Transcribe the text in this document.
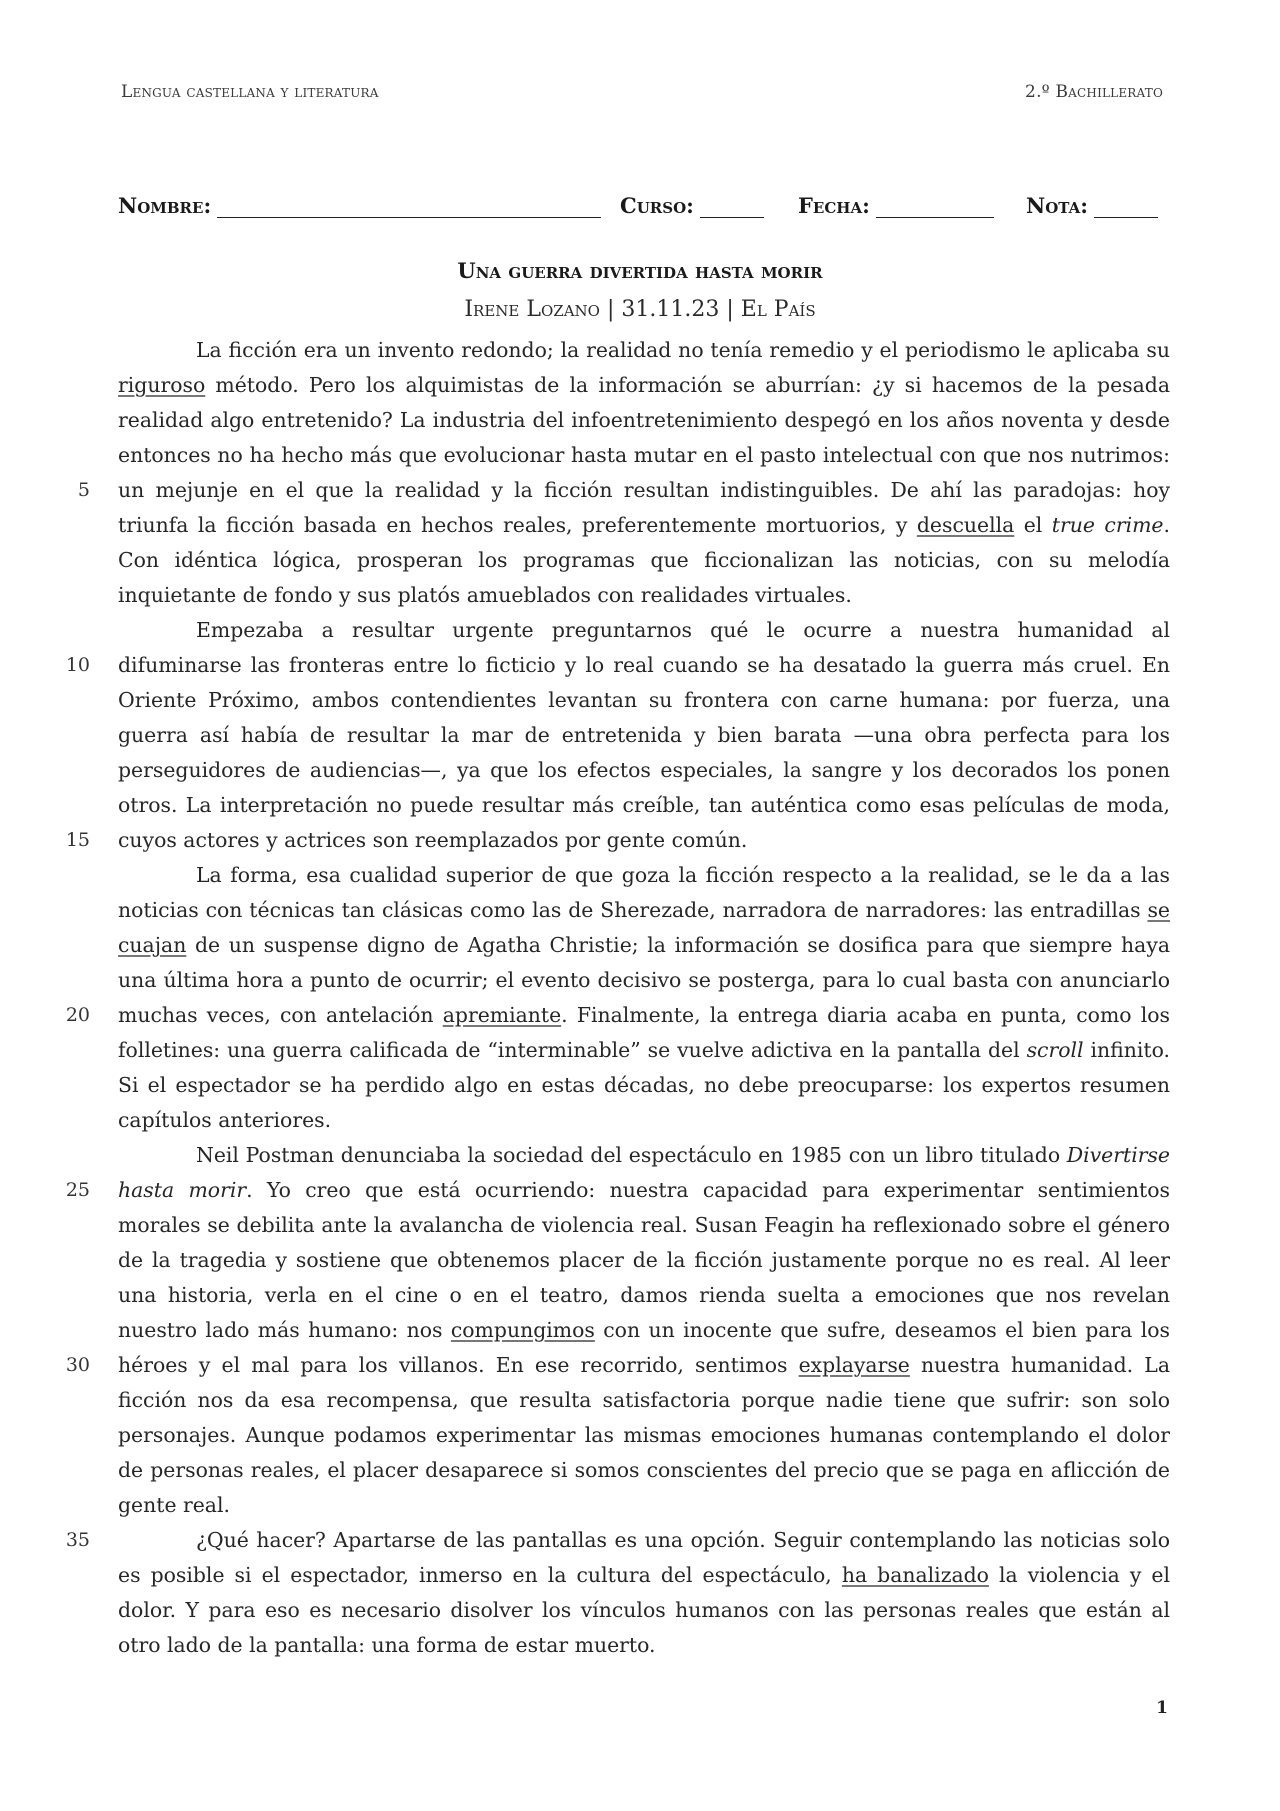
Lengua castellana y literatura	2.º Bachillerato
Nombre:	Curso:	Fecha:	Nota:
Una guerra divertida hasta morir
Irene Lozano | 31.11.23 | El País

La ficción era un invento redondo; la realidad no tenía remedio y el periodismo le aplicaba su riguroso método. Pero los alquimistas de la información se aburrían: ¿y si hacemos de la pesada realidad algo entretenido? La industria del infoentretenimiento despegó en los años noventa y desde entonces no ha hecho más que evolucionar hasta mutar en el pasto intelectual con que nos nutrimos: un mejunje en el que la realidad y la ficción resultan indistinguibles. De ahí las paradojas: hoy triunfa la ficción basada en hechos reales, preferentemente mortuorios, y descuella el true crime. Con idéntica lógica, prosperan los programas que ficcionalizan las noticias, con su melodía inquietante de fondo y sus platós amueblados con realidades virtuales.

Empezaba a resultar urgente preguntarnos qué le ocurre a nuestra humanidad al difuminarse las fronteras entre lo ficticio y lo real cuando se ha desatado la guerra más cruel. En Oriente Próximo, ambos contendientes levantan su frontera con carne humana: por fuerza, una guerra así había de resultar la mar de entretenida y bien barata —una obra perfecta para los perseguidores de audiencias—, ya que los efectos especiales, la sangre y los decorados los ponen otros. La interpretación no puede resultar más creíble, tan auténtica como esas películas de moda, cuyos actores y actrices son reemplazados por gente común.

La forma, esa cualidad superior de que goza la ficción respecto a la realidad, se le da a las noticias con técnicas tan clásicas como las de Sherezade, narradora de narradores: las entradillas se cuajan de un suspense digno de Agatha Christie; la información se dosifica para que siempre haya una última hora a punto de ocurrir; el evento decisivo se posterga, para lo cual basta con anunciarlo muchas veces, con antelación apremiante. Finalmente, la entrega diaria acaba en punta, como los folletines: una guerra calificada de “interminable” se vuelve adictiva en la pantalla del scroll infinito. Si el espectador se ha perdido algo en estas décadas, no debe preocuparse: los expertos resumen capítulos anteriores.

Neil Postman denunciaba la sociedad del espectáculo en 1985 con un libro titulado Divertirse hasta morir. Yo creo que está ocurriendo: nuestra capacidad para experimentar sentimientos morales se debilita ante la avalancha de violencia real. Susan Feagin ha reflexionado sobre el género de la tragedia y sostiene que obtenemos placer de la ficción justamente porque no es real. Al leer una historia, verla en el cine o en el teatro, damos rienda suelta a emociones que nos revelan nuestro lado más humano: nos compungimos con un inocente que sufre, deseamos el bien para los héroes y el mal para los villanos. En ese recorrido, sentimos explayarse nuestra humanidad. La ficción nos da esa recompensa, que resulta satisfactoria porque nadie tiene que sufrir: son solo personajes. Aunque podamos experimentar las mismas emociones humanas contemplando el dolor de personas reales, el placer desaparece si somos conscientes del precio que se paga en aflicción de gente real.

¿Qué hacer? Apartarse de las pantallas es una opción. Seguir contemplando las noticias solo es posible si el espectador, inmerso en la cultura del espectáculo, ha banalizado la violencia y el dolor. Y para eso es necesario disolver los vínculos humanos con las personas reales que están al otro lado de la pantalla: una forma de estar muerto.

5
10
15
20
25
30
35
1
